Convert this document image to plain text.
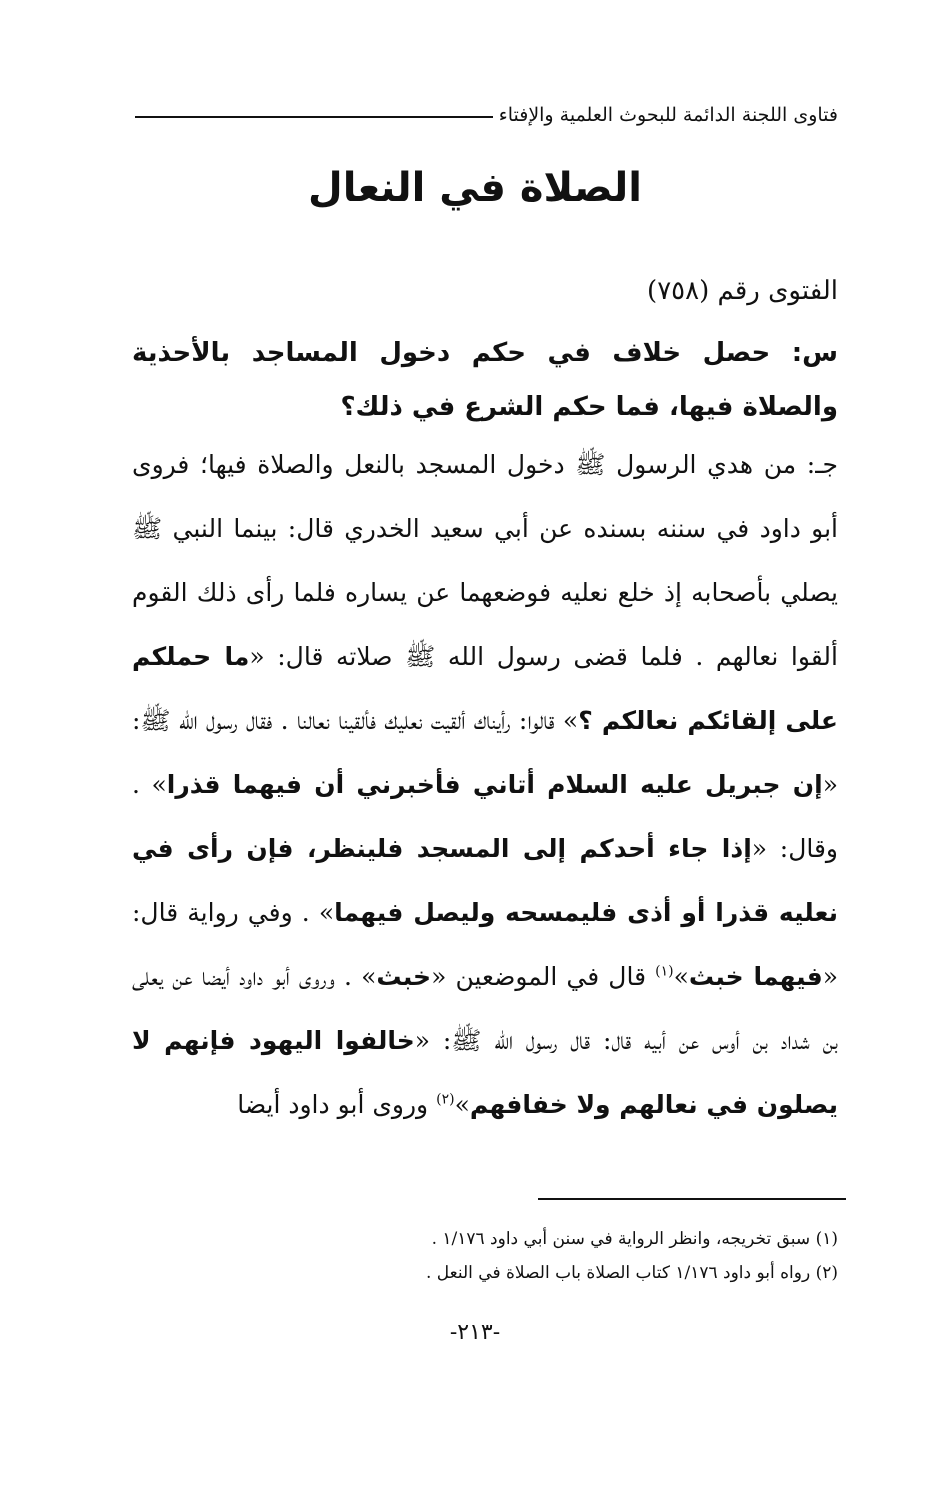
فتاوى اللجنة الدائمة للبحوث العلمية والإفتاء
الصلاة في النعال
الفتوى رقم (٧٥٨)
س: حصل خلاف في حكم دخول المساجد بالأحذية والصلاة فيها، فما حكم الشرع في ذلك؟
جـ: من هدي الرسول ﷺ دخول المسجد بالنعل والصلاة فيها؛ فروى أبو داود في سننه بسنده عن أبي سعيد الخدري قال: بينما النبي ﷺ يصلي بأصحابه إذ خلع نعليه فوضعهما عن يساره فلما رأى ذلك القوم ألقوا نعالهم . فلما قضى رسول الله ﷺ صلاته قال: «ما حملكم على إلقائكم نعالكم ؟» قالوا: رأيناك ألقيت نعليك فألقينا نعالنا . فقال رسول الله ﷺ: «إن جبريل عليه السلام أتاني فأخبرني أن فيهما قذرا» . وقال: «إذا جاء أحدكم إلى المسجد فلينظر، فإن رأى في نعليه قذرا أو أذى فليمسحه وليصل فيهما» . وفي رواية قال: «فيهما خبث»$^{(١)}$ قال في الموضعين «خبث» . وروى أبو داود أيضا عن يعلى بن شداد بن أوس عن أبيه قال: قال رسول الله ﷺ: «خالفوا اليهود فإنهم لا يصلون في نعالهم ولا خفافهم»$^{(٢)}$ وروى أبو داود أيضا
(١) سبق تخريجه، وانظر الرواية في سنن أبي داود ١/١٧٦ .
(٢) رواه أبو داود ١/١٧٦ كتاب الصلاة باب الصلاة في النعل .
-٢١٣-
